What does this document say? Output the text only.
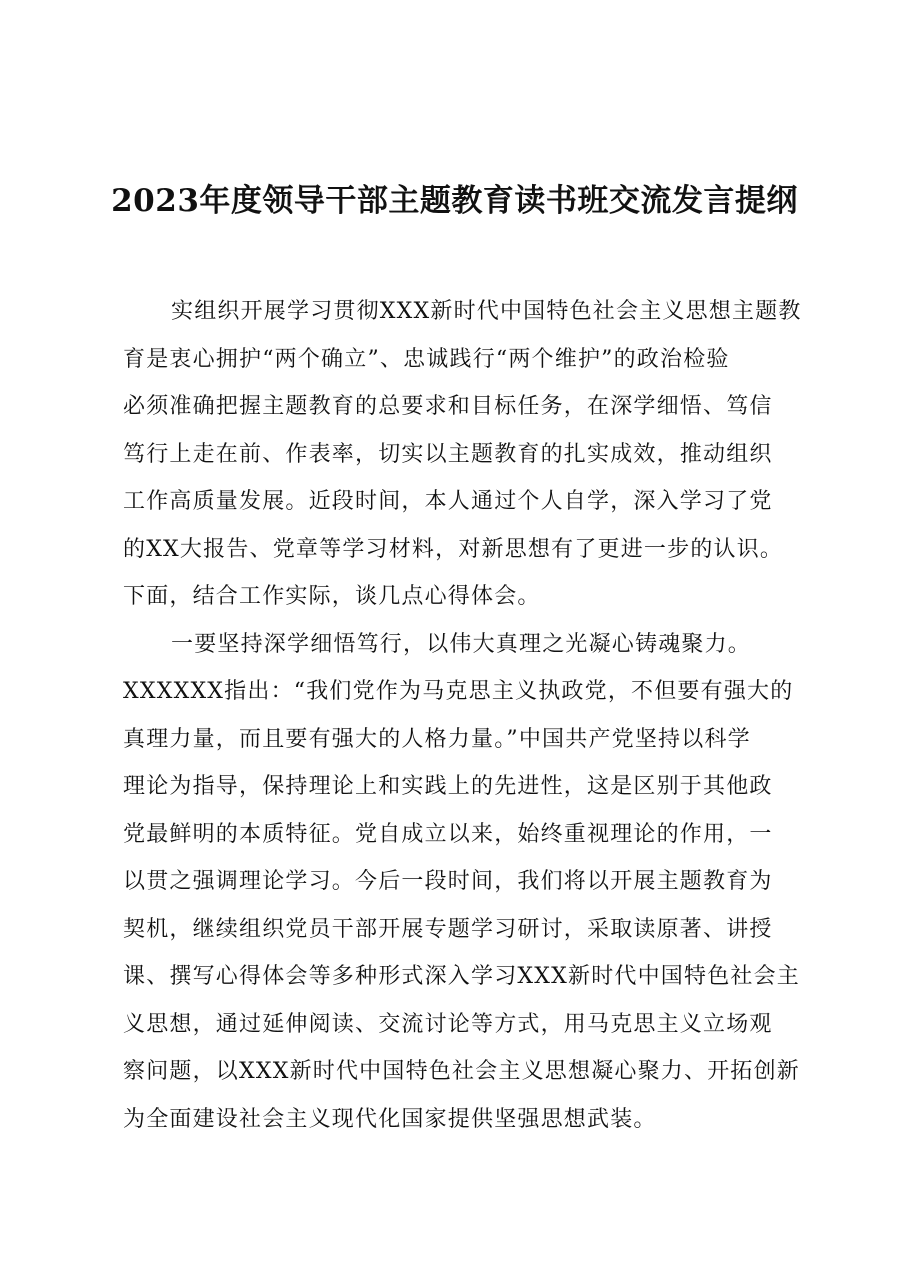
2023年度领导干部主题教育读书班交流发言提纲
实组织开展学习贯彻XXX新时代中国特色社会主义思想主题教
育是衷心拥护“两个确立”、忠诚践行“两个维护”的政治检验
必须准确把握主题教育的总要求和目标任务，在深学细悟、笃信
笃行上走在前、作表率，切实以主题教育的扎实成效，推动组织
工作高质量发展。近段时间，本人通过个人自学，深入学习了党
的XX大报告、党章等学习材料，对新思想有了更进一步的认识。
下面，结合工作实际，谈几点心得体会。
一要坚持深学细悟笃行，以伟大真理之光凝心铸魂聚力。
XXXXXX指出：“我们党作为马克思主义执政党，不但要有强大的
真理力量，而且要有强大的人格力量。”中国共产党坚持以科学
理论为指导，保持理论上和实践上的先进性，这是区别于其他政
党最鲜明的本质特征。党自成立以来，始终重视理论的作用，一
以贯之强调理论学习。今后一段时间，我们将以开展主题教育为
契机，继续组织党员干部开展专题学习研讨，采取读原著、讲授
课、撰写心得体会等多种形式深入学习XXX新时代中国特色社会主
义思想，通过延伸阅读、交流讨论等方式，用马克思主义立场观
察问题，以XXX新时代中国特色社会主义思想凝心聚力、开拓创新
为全面建设社会主义现代化国家提供坚强思想武装。
